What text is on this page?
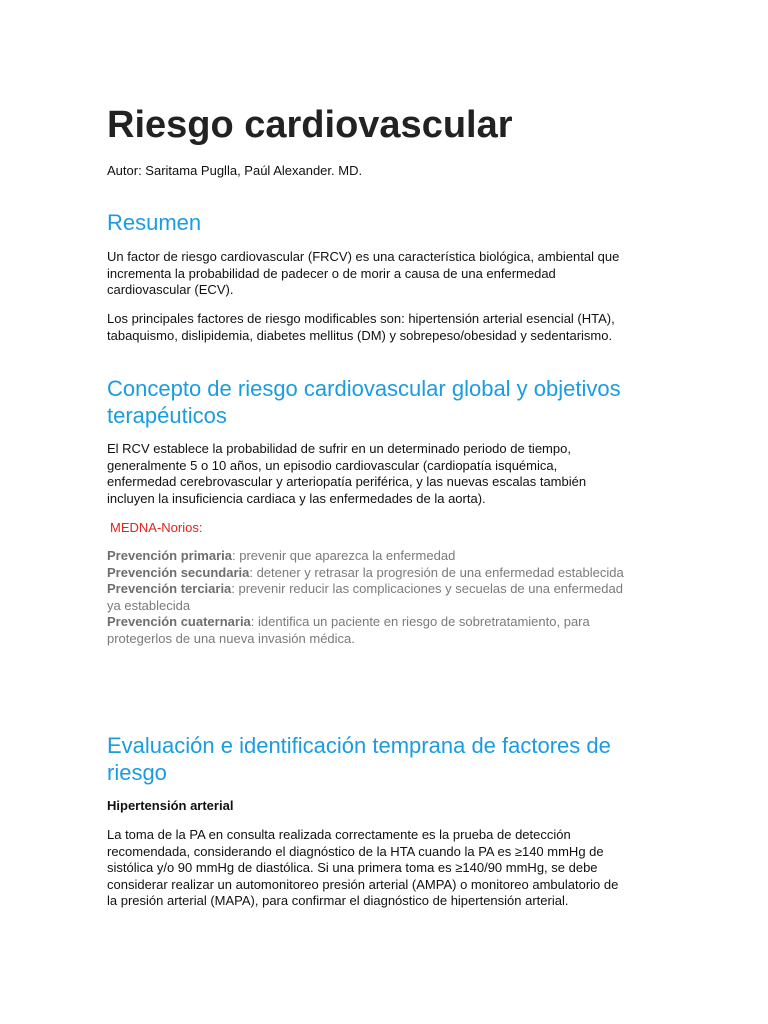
Riesgo cardiovascular

Autor: Saritama Puglla, Paúl Alexander. MD.

Resumen

Un factor de riesgo cardiovascular (FRCV) es una característica biológica, ambiental que
incrementa la probabilidad de padecer o de morir a causa de una enfermedad
cardiovascular (ECV).

Los principales factores de riesgo modificables son: hipertensión arterial esencial (HTA),
tabaquismo, dislipidemia, diabetes mellitus (DM) y sobrepeso/obesidad y sedentarismo.

Concepto de riesgo cardiovascular global y objetivos
terapéuticos

El RCV establece la probabilidad de sufrir en un determinado periodo de tiempo,
generalmente 5 o 10 años, un episodio cardiovascular (cardiopatía isquémica,
enfermedad cerebrovascular y arteriopatía periférica, y las nuevas escalas también
incluyen la insuficiencia cardiaca y las enfermedades de la aorta).

MEDNA-Norios:

Prevención primaria: prevenir que aparezca la enfermedad
Prevención secundaria: detener y retrasar la progresión de una enfermedad establecida
Prevención terciaria: prevenir reducir las complicaciones y secuelas de una enfermedad
ya establecida
Prevención cuaternaria: identifica un paciente en riesgo de sobretratamiento, para
protegerlos de una nueva invasión médica.
Evaluación e identificación temprana de factores de
riesgo

Hipertensión arterial

La toma de la PA en consulta realizada correctamente es la prueba de detección
recomendada, considerando el diagnóstico de la HTA cuando la PA es ≥140 mmHg de
sistólica y/o 90 mmHg de diastólica. Si una primera toma es ≥140/90 mmHg, se debe
considerar realizar un automonitoreo presión arterial (AMPA) o monitoreo ambulatorio de
la presión arterial (MAPA), para confirmar el diagnóstico de hipertensión arterial.
